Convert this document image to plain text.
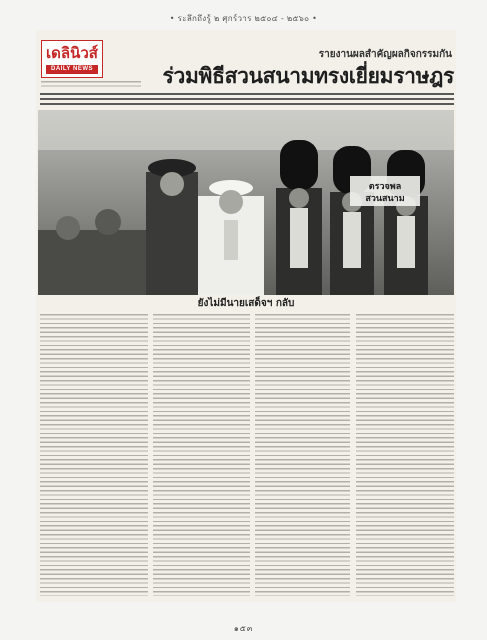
• ระลึกถึงรู้ ๒ ศุกร์วาร ๒๕๐๔ - ๒๕๖๐ •
เดลินิวส์
DAILY NEWS
รายงานผลสำคัญผลกิจกรรมกัน
ร่วมพิธีสวนสนามทรงเยี่ยมราษฎร
ตรวจพล
สวนสนาม
ยังไม่มีนายเสด็จฯ กลับ
๑๕๓
